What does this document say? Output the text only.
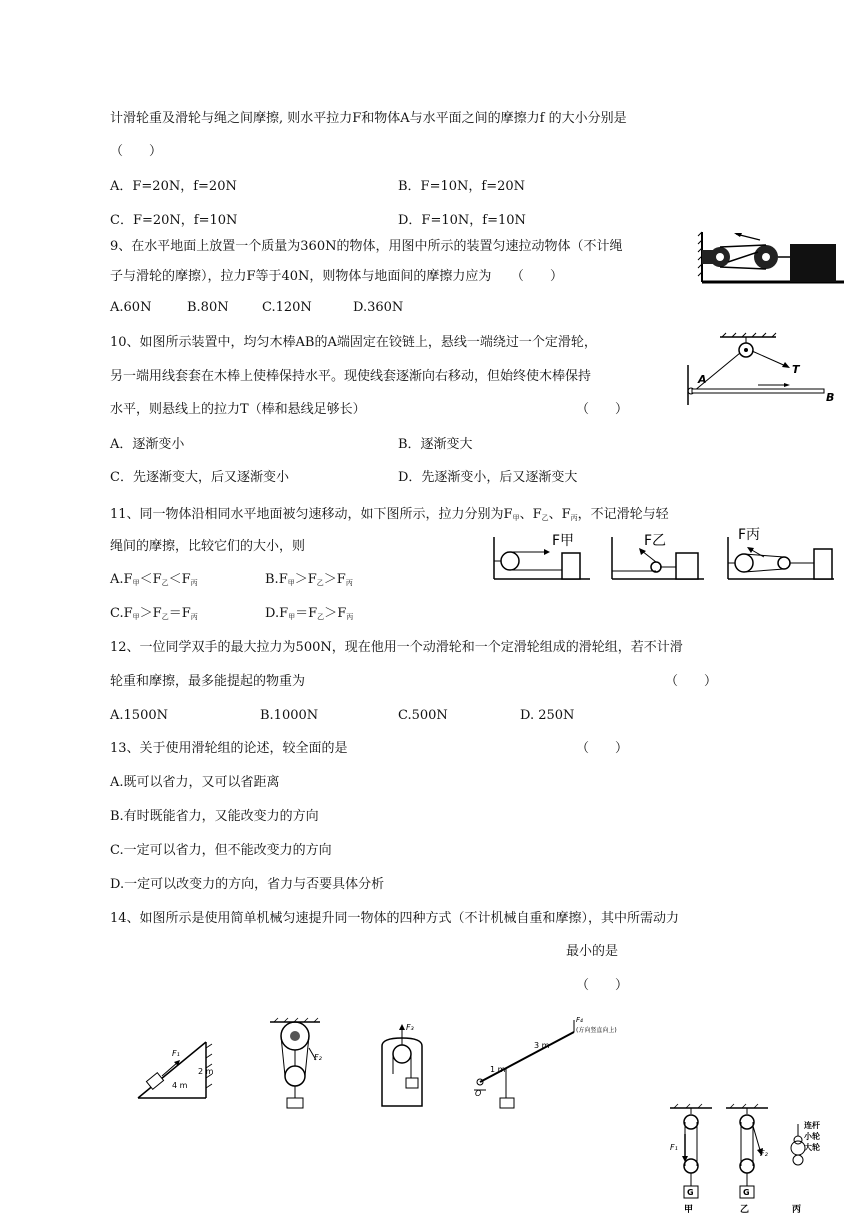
计滑轮重及滑轮与绳之间摩擦, 则水平拉力F和物体A与水平面之间的摩擦力f 的大小分别是
（　　）
A．F=20N，f=20N	B．F=10N，f=20N
C．F=20N，f=10N	D．F=10N，f=10N
9、在水平地面上放置一个质量为360N的物体，用图中所示的装置匀速拉动物体（不计绳
子与滑轮的摩擦），拉力F等于40N，则物体与地面间的摩擦力应为　　（　　）
A.60N	B.80N	C.120N	D.360N
10、如图所示装置中，均匀木棒AB的A端固定在铰链上，悬线一端绕过一个定滑轮，
另一端用线套套在木棒上使棒保持水平。现使线套逐渐向右移动，但始终使木棒保持
水平，则悬线上的拉力T（棒和悬线足够长）	（　　）
A．逐渐变小	B．逐渐变大
C．先逐渐变大，后又逐渐变小	D．先逐渐变小，后又逐渐变大
A
B
T
11、同一物体沿相同水平地面被匀速移动，如下图所示，拉力分别为$F_甲$、$F_乙$、$F_丙$，不记滑轮与轻
绳间的摩擦，比较它们的大小，则
$A.F_甲<F_乙<F_丙$	$B.F_甲>F_乙>F_丙$
$C.F_甲>F_乙=F_丙$	$D.F_甲=F_乙>F_丙$
F甲	F乙	F丙
12、一位同学双手的最大拉力为500N，现在他用一个动滑轮和一个定滑轮组成的滑轮组，若不计滑
轮重和摩擦，最多能提起的物重为	（　　）
A.1500N	B.1000N	C.500N	D. 250N
13、关于使用滑轮组的论述，较全面的是	（　　）
A.既可以省力，又可以省距离
B.有时既能省力，又能改变力的方向
C.一定可以省力，但不能改变力的方向
D.一定可以改变力的方向，省力与否要具体分析
14、如图所示是使用简单机械匀速提升同一物体的四种方式（不计机械自重和摩擦），其中所需动力
最小的是
（　　）
F₁
4 m
2 m
F₂
F₃
O
1 m
3 m
F₄
(方向竖直向上)
G
F₁
甲
G
F₂
乙
连杆
小轮
大轮
丙
